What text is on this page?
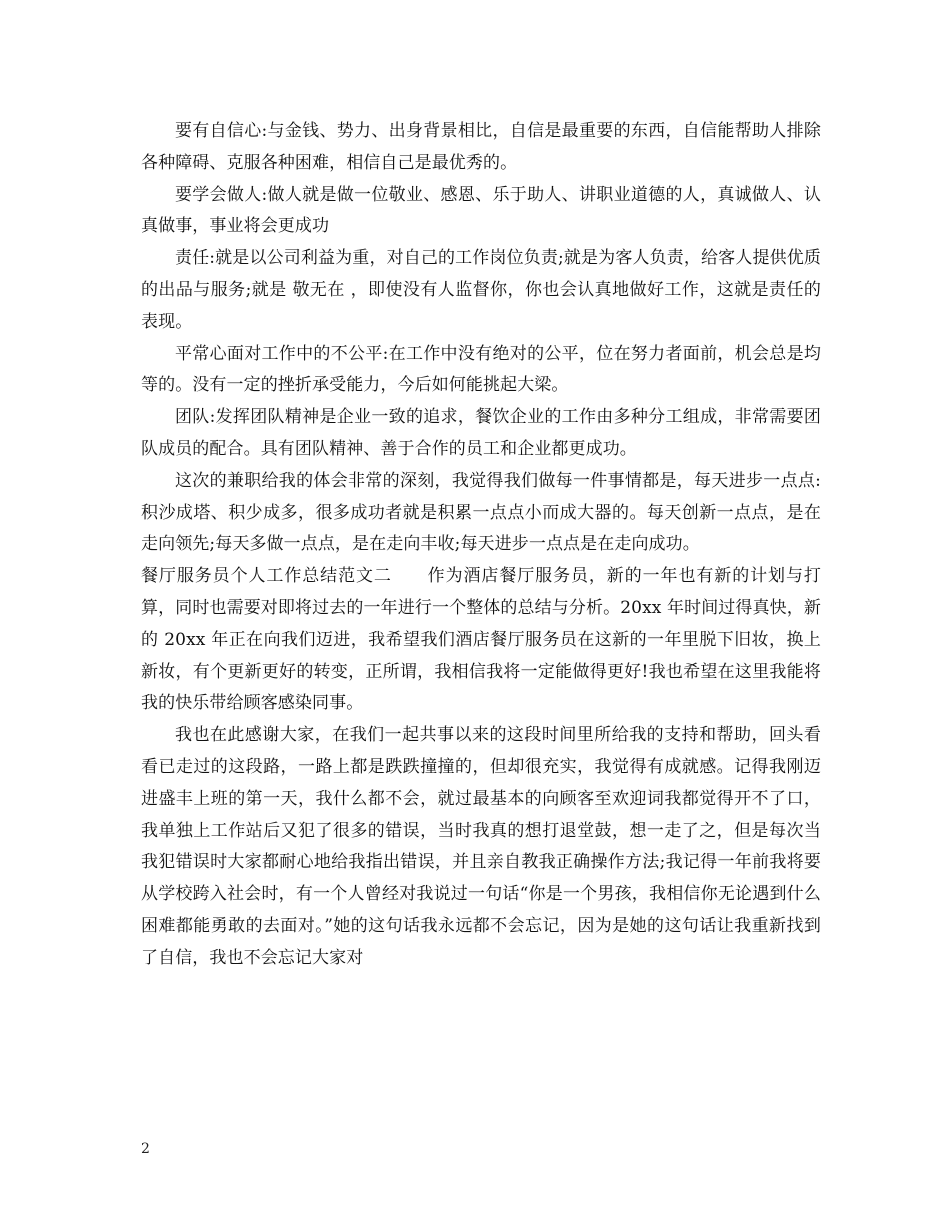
要有自信心:与金钱、势力、出身背景相比，自信是最重要的东西，自信能帮助人排除各种障碍、克服各种困难，相信自己是最优秀的。

要学会做人:做人就是做一位敬业、感恩、乐于助人、讲职业道德的人，真诚做人、认真做事，事业将会更成功

责任:就是以公司利益为重，对自己的工作岗位负责;就是为客人负责，给客人提供优质的出品与服务;就是 敬无在 ，即使没有人监督你，你也会认真地做好工作，这就是责任的表现。

平常心面对工作中的不公平:在工作中没有绝对的公平，位在努力者面前，机会总是均等的。没有一定的挫折承受能力，今后如何能挑起大梁。

团队:发挥团队精神是企业一致的追求，餐饮企业的工作由多种分工组成，非常需要团队成员的配合。具有团队精神、善于合作的员工和企业都更成功。

这次的兼职给我的体会非常的深刻，我觉得我们做每一件事情都是，每天进步一点点:积沙成塔、积少成多，很多成功者就是积累一点点小而成大器的。每天创新一点点，是在走向领先;每天多做一点点，是在走向丰收;每天进步一点点是在走向成功。

餐厅服务员个人工作总结范文二　　作为酒店餐厅服务员，新的一年也有新的计划与打算，同时也需要对即将过去的一年进行一个整体的总结与分析。20xx 年时间过得真快，新的 20xx 年正在向我们迈进，我希望我们酒店餐厅服务员在这新的一年里脱下旧妆，换上新妆，有个更新更好的转变，正所谓，我相信我将一定能做得更好!我也希望在这里我能将我的快乐带给顾客感染同事。

我也在此感谢大家，在我们一起共事以来的这段时间里所给我的支持和帮助，回头看看已走过的这段路，一路上都是跌跌撞撞的，但却很充实，我觉得有成就感。记得我刚迈进盛丰上班的第一天，我什么都不会，就过最基本的向顾客至欢迎词我都觉得开不了口，我单独上工作站后又犯了很多的错误，当时我真的想打退堂鼓，想一走了之，但是每次当我犯错误时大家都耐心地给我指出错误，并且亲自教我正确操作方法;我记得一年前我将要从学校跨入社会时，有一个人曾经对我说过一句话“你是一个男孩，我相信你无论遇到什么困难都能勇敢的去面对。”她的这句话我永远都不会忘记，因为是她的这句话让我重新找到了自信，我也不会忘记大家对

2
